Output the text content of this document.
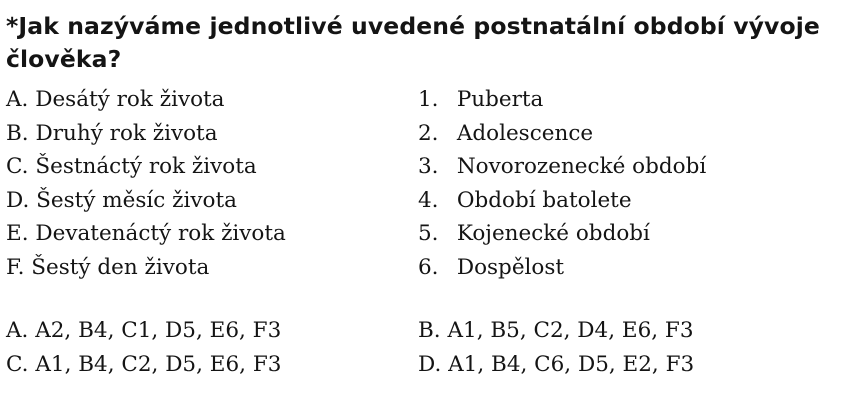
*Jak nazýváme jednotlivé uvedené postnatální období vývoje člověka?
A. Desátý rok života
B. Druhý rok života
C. Šestnáctý rok života
D. Šestý měsíc života
E. Devatenáctý rok života
F. Šestý den života
1. Puberta
2. Adolescence
3. Novorozenecké období
4. Období batolete
5. Kojenecké období
6. Dospělost
A. A2, B4, C1, D5, E6, F3
C. A1, B4, C2, D5, E6, F3
B. A1, B5, C2, D4, E6, F3
D. A1, B4, C6, D5, E2, F3
